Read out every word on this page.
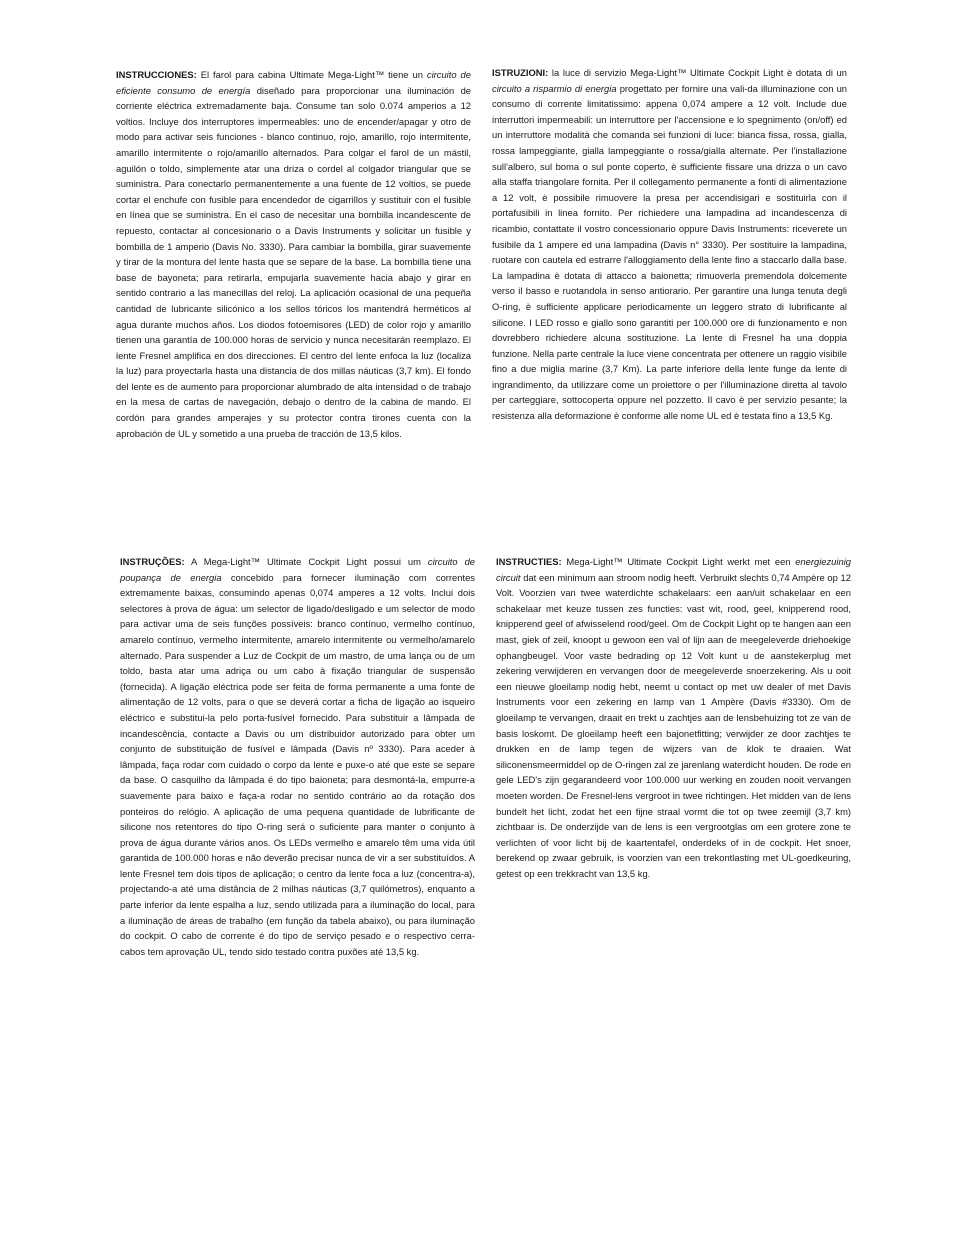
INSTRUCCIONES: El farol para cabina Ultimate Mega-Light™ tiene un circuito de eficiente consumo de energía diseñado para proporcionar una iluminación de corriente eléctrica extremadamente baja. Consume tan solo 0.074 amperios a 12 voltios. Incluye dos interruptores impermeables: uno de encender/apagar y otro de modo para activar seis funciones - blanco continuo, rojo, amarillo, rojo intermitente, amarillo intermitente o rojo/amarillo alternados. Para colgar el farol de un mástil, aguilón o toldo, simplemente atar una driza o cordel al colgador triangular que se suministra. Para conectarlo permanentemente a una fuente de 12 voltios, se puede cortar el enchufe con fusible para encendedor de cigarrillos y sustituir con el fusible en línea que se suministra. En el caso de necesitar una bombilla incandescente de repuesto, contactar al concesionario o a Davis Instruments y solicitar un fusible y bombilla de 1 amperio (Davis No. 3330). Para cambiar la bombilla, girar suavemente y tirar de la montura del lente hasta que se separe de la base. La bombilla tiene una base de bayoneta; para retirarla, empujarla suavemente hacia abajo y girar en sentido contrario a las manecillas del reloj. La aplicación ocasional de una pequeña cantidad de lubricante silicónico a los sellos tóricos los mantendrá herméticos al agua durante muchos años. Los diodos fotoemisores (LED) de color rojo y amarillo tienen una garantía de 100.000 horas de servicio y nunca necesitarán reemplazo. El lente Fresnel amplifica en dos direcciones. El centro del lente enfoca la luz (localiza la luz) para proyectarla hasta una distancia de dos millas náuticas (3,7 km). El fondo del lente es de aumento para proporcionar alumbrado de alta intensidad o de trabajo en la mesa de cartas de navegación, debajo o dentro de la cabina de mando. El cordón para grandes amperajes y su protector contra tirones cuenta con la aprobación de UL y sometido a una prueba de tracción de 13,5 kilos.

ISTRUZIONI: la luce di servizio Mega-Light™ Ultimate Cockpit Light è dotata di un circuito a risparmio di energia progettato per fornire una vali-da illuminazione con un consumo di corrente limitatissimo: appena 0,074 ampere a 12 volt. Include due interruttori impermeabili: un interruttore per l'accensione e lo spegnimento (on/off) ed un interruttore modalità che comanda sei funzioni di luce: bianca fissa, rossa, gialla, rossa lampeggiante, gialla lampeggiante o rossa/gialla alternate. Per l'installazione sull'albero, sul boma o sul ponte coperto, è sufficiente fissare una drizza o un cavo alla staffa triangolare fornita. Per il collegamento permanente a fonti di alimentazione a 12 volt, è possibile rimuovere la presa per accendisigari e sostituirla con il portafusibili in linea fornito. Per richiedere una lampadina ad incandescenza di ricambio, contattate il vostro concessionario oppure Davis Instruments: riceverete un fusibile da 1 ampere ed una lampadina (Davis n° 3330). Per sostituire la lampadina, ruotare con cautela ed estrarre l'alloggiamento della lente fino a staccarlo dalla base. La lampadina è dotata di attacco a baionetta; rimuoverla premendola dolcemente verso il basso e ruotandola in senso antiorario. Per garantire una lunga tenuta degli O-ring, è sufficiente applicare periodicamente un leggero strato di lubrificante al silicone. I LED rosso e giallo sono garantiti per 100.000 ore di funzionamento e non dovrebbero richiedere alcuna sostituzione. La lente di Fresnel ha una doppia funzione. Nella parte centrale la luce viene concentrata per ottenere un raggio visibile fino a due miglia marine (3,7 Km). La parte inferiore della lente funge da lente di ingrandimento, da utilizzare come un proiettore o per l'illuminazione diretta al tavolo per carteggiare, sottocoperta oppure nel pozzetto. Il cavo è per servizio pesante; la resistenza alla deformazione è conforme alle nome UL ed è testata fino a 13,5 Kg.

INSTRUÇÕES: A Mega-Light™ Ultimate Cockpit Light possui um circuito de poupança de energia concebido para fornecer iluminação com correntes extremamente baixas, consumindo apenas 0,074 amperes a 12 volts. Inclui dois selectores à prova de água: um selector de ligado/desligado e um selector de modo para activar uma de seis funções possíveis: branco contínuo, vermelho contínuo, amarelo contínuo, vermelho intermitente, amarelo intermitente ou vermelho/amarelo alternado. Para suspender a Luz de Cockpit de um mastro, de uma lança ou de um toldo, basta atar uma adriça ou um cabo à fixação triangular de suspensão (fornecida). A ligação eléctrica pode ser feita de forma permanente a uma fonte de alimentação de 12 volts, para o que se deverá cortar a ficha de ligação ao isqueiro eléctrico e substitui-la pelo porta-fusível fornecido. Para substituir a lâmpada de incandescência, contacte a Davis ou um distribuidor autorizado para obter um conjunto de substituição de fusível e lâmpada (Davis nº 3330). Para aceder à lâmpada, faça rodar com cuidado o corpo da lente e puxe-o até que este se separe da base. O casquilho da lâmpada é do tipo baioneta; para desmontá-la, empurre-a suavemente para baixo e faça-a rodar no sentido contrário ao da rotação dos ponteiros do relógio. A aplicação de uma pequena quantidade de lubrificante de silicone nos retentores do tipo O-ring será o suficiente para manter o conjunto à prova de água durante vários anos. Os LEDs vermelho e amarelo têm uma vida útil garantida de 100.000 horas e não deverão precisar nunca de vir a ser substituídos. A lente Fresnel tem dois tipos de aplicação; o centro da lente foca a luz (concentra-a), projectando-a até uma distância de 2 milhas náuticas (3,7 quilómetros), enquanto a parte inferior da lente espalha a luz, sendo utilizada para a iluminação do local, para a iluminação de áreas de trabalho (em função da tabela abaixo), ou para iluminação do cockpit. O cabo de corrente é do tipo de serviço pesado e o respectivo cerra-cabos tem aprovação UL, tendo sido testado contra puxões até 13,5 kg.

INSTRUCTIES: Mega-Light™ Ultimate Cockpit Light werkt met een energiezuinig circuit dat een minimum aan stroom nodig heeft. Verbruikt slechts 0,74 Ampère op 12 Volt. Voorzien van twee waterdichte schakelaars: een aan/uit schakelaar en een schakelaar met keuze tussen zes functies: vast wit, rood, geel, knipperend rood, knipperend geel of afwisselend rood/geel. Om de Cockpit Light op te hangen aan een mast, giek of zeil, knoopt u gewoon een val of lijn aan de meegeleverde driehoekige ophangbeugel. Voor vaste bedrading op 12 Volt kunt u de aanstekerplug met zekering verwijderen en vervangen door de meegeleverde snoerzekering. Als u ooit een nieuwe gloeilamp nodig hebt, neemt u contact op met uw dealer of met Davis Instruments voor een zekering en lamp van 1 Ampère (Davis #3330). Om de gloeilamp te vervangen, draait en trekt u zachtjes aan de lensbehuizing tot ze van de basis loskomt. De gloeilamp heeft een bajonetfitting; verwijder ze door zachtjes te drukken en de lamp tegen de wijzers van de klok te draaien. Wat siliconensmeermiddel op de O-ringen zal ze jarenlang waterdicht houden. De rode en gele LED's zijn gegarandeerd voor 100.000 uur werking en zouden nooit vervangen moeten worden. De Fresnel-lens vergroot in twee richtingen. Het midden van de lens bundelt het licht, zodat het een fijne straal vormt die tot op twee zeemijl (3,7 km) zichtbaar is. De onderzijde van de lens is een vergrootglas om een grotere zone te verlichten of voor licht bij de kaartentafel, onderdeks of in de cockpit. Het snoer, berekend op zwaar gebruik, is voorzien van een trekontlasting met UL-goedkeuring, getest op een trekkracht van 13,5 kg.
